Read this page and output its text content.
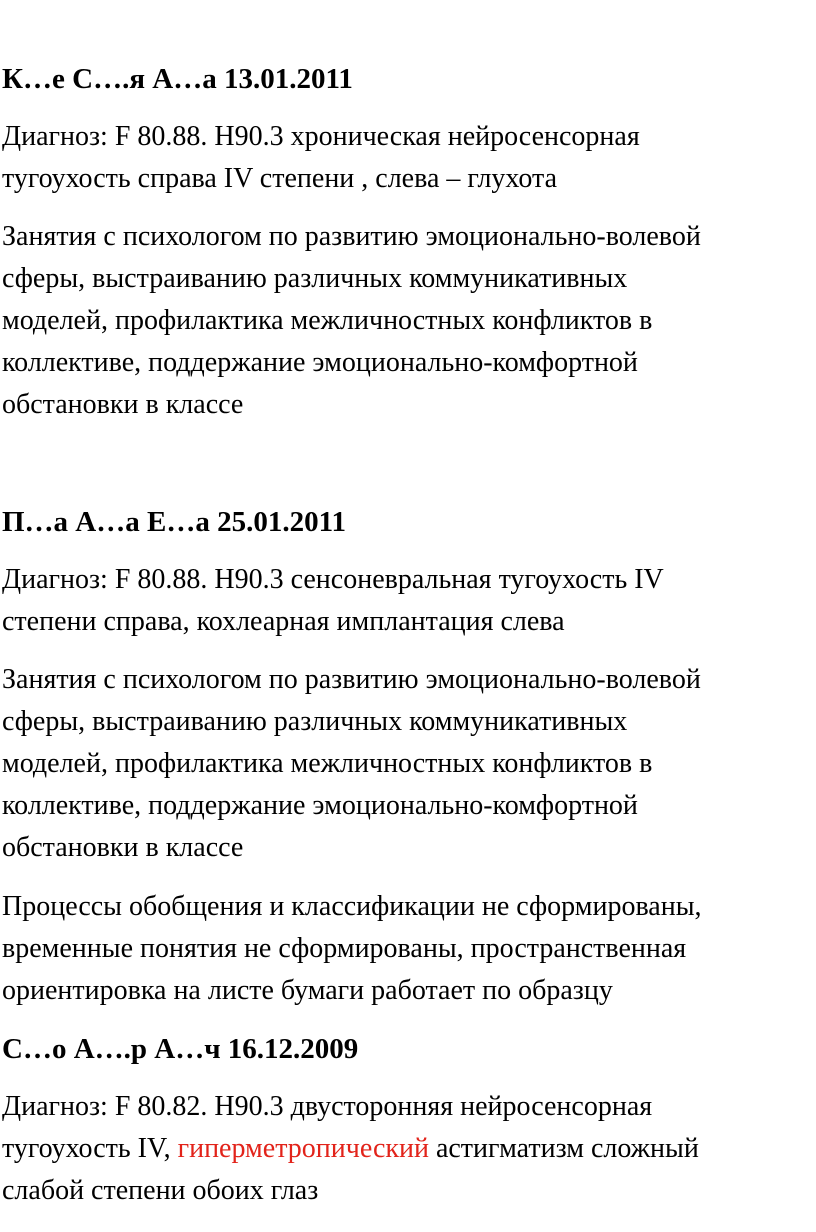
К…е С….я А…а 13.01.2011
Диагноз: F 80.88. Н90.3 хроническая нейросенсорная
тугоухость справа IV степени , слева – глухота
Занятия с психологом по развитию эмоционально-волевой
сферы, выстраиванию различных коммуникативных
моделей, профилактика межличностных конфликтов в
коллективе, поддержание эмоционально-комфортной
обстановки в классе
П…а А…а Е…а 25.01.2011
Диагноз: F 80.88. Н90.3 сенсоневральная тугоухость IV
степени справа, кохлеарная имплантация слева
Занятия с психологом по развитию эмоционально-волевой
сферы, выстраиванию различных коммуникативных
моделей, профилактика межличностных конфликтов в
коллективе, поддержание эмоционально-комфортной
обстановки в классе
Процессы обобщения и классификации не сформированы,
временные понятия не сформированы, пространственная
ориентировка на листе бумаги работает по образцу
С…о А….р А…ч 16.12.2009
Диагноз: F 80.82. Н90.3 двусторонняя нейросенсорная
тугоухость IV, гиперметропический астигматизм сложный
слабой степени обоих глаз
